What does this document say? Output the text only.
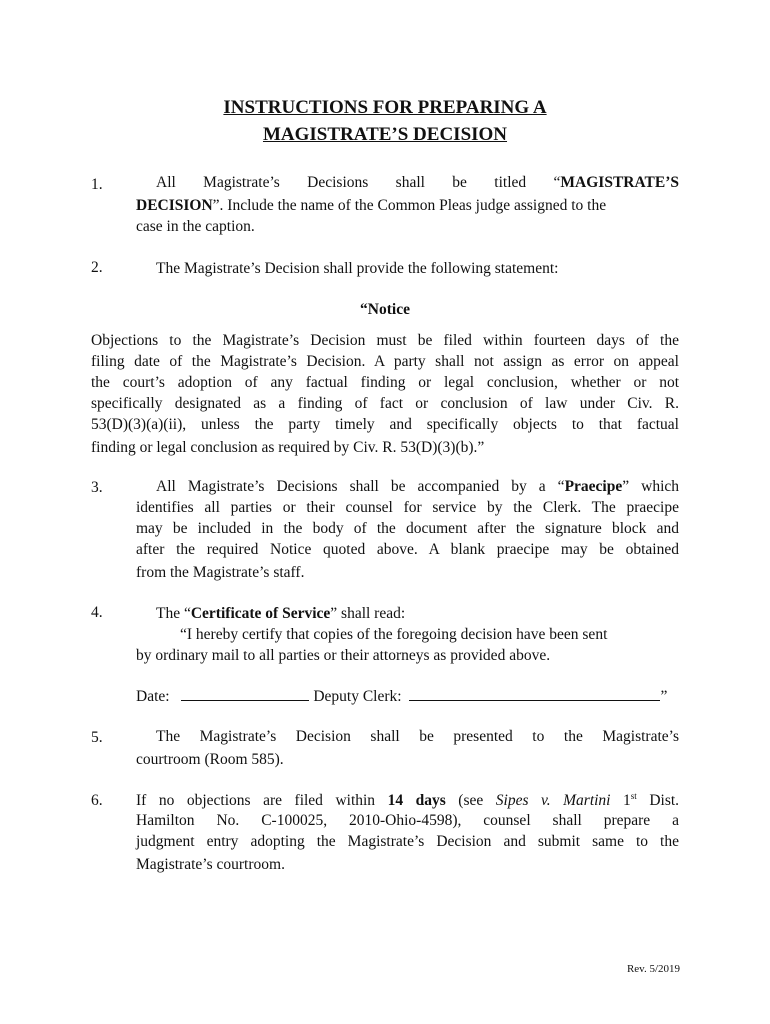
INSTRUCTIONS FOR PREPARING A
MAGISTRATE’S DECISION
1.	All Magistrate’s Decisions shall be titled “MAGISTRATE’S
DECISION”. Include the name of the Common Pleas judge assigned to the
case in the caption.
2.	The Magistrate’s Decision shall provide the following statement:
“Notice
Objections to the Magistrate’s Decision must be filed within fourteen days of the
filing date of the Magistrate’s Decision. A party shall not assign as error on appeal
the court’s adoption of any factual finding or legal conclusion, whether or not
specifically designated as a finding of fact or conclusion of law under Civ. R.
53(D)(3)(a)(ii), unless the party timely and specifically objects to that factual
finding or legal conclusion as required by Civ. R. 53(D)(3)(b).”
3.	All Magistrate’s Decisions shall be accompanied by a “Praecipe” which
identifies all parties or their counsel for service by the Clerk. The praecipe
may be included in the body of the document after the signature block and
after the required Notice quoted above. A blank praecipe may be obtained
from the Magistrate’s staff.
4.	The “Certificate of Service” shall read:
“I hereby certify that copies of the foregoing decision have been sent
by ordinary mail to all parties or their attorneys as provided above.
Date:	Deputy Clerk:	”
5.	The Magistrate’s Decision shall be presented to the Magistrate’s
courtroom (Room 585).
6. If no objections are filed within 14 days (see Sipes v. Martini 1st Dist.
Hamilton No. C-100025, 2010-Ohio-4598), counsel shall prepare a
judgment entry adopting the Magistrate’s Decision and submit same to the
Magistrate’s courtroom.
Rev. 5/2019
